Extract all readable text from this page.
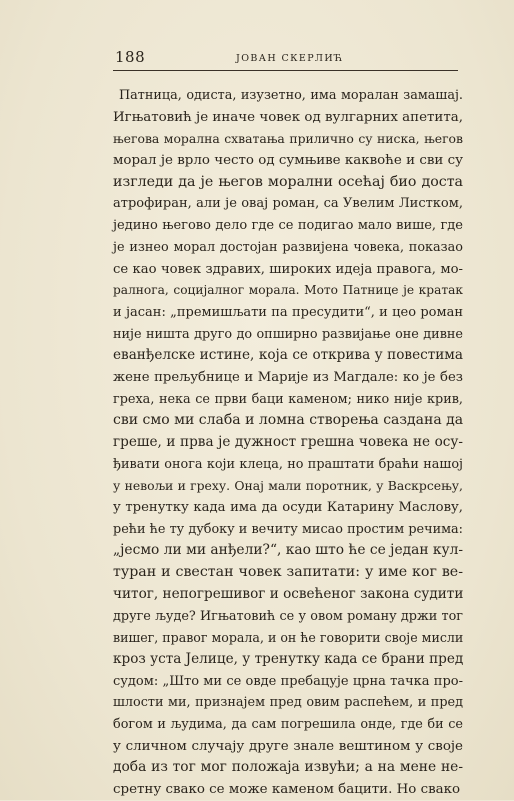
188	ЈОВАН СКЕРЛИЋ
Патница, одиста, изузетно, има моралан замашај.
Игњатовић је иначе човек од вулгарних апетита,
његова морална схватања прилично су ниска, његов
морал је врло често од сумњиве каквоће и сви су
изгледи да је његов морални осећај био доста
атрофиран, али је овај роман, са Увелим Листком,
једино његово дело где се подигао мало више, где
је изнео морал достојан развијена човека, показао
се као човек здравих, широких идеја правога, мо-
ралнога, социјалног морала. Мото Патнице је кратак
и јасан: „премишљати па пресудити“, и цео роман
није ништа друго до опширно развијање оне дивне
еванђелске истине, која се открива у повестима
жене прељубнице и Марије из Магдале: ко је без
греха, нека се први баци каменом; нико није крив,
сви смо ми слаба и ломна створења саздана да
грешe, и прва је дужност грешна човека не осу-
ђивати онога који клеца, но праштати браћи нашој
у невољи и греху. Онај мали поротник, у Васкрсењу,
у тренутку када има да осуди Катарину Маслову,
рећи ће ту дубоку и вечиту мисао простим речима:
„јесмо ли ми анђели?“, као што ће се један кул-
туран и свестан човек запитати: у име ког ве-
читог, непогрешивог и освећеног закона судити
друге људе? Игњатовић се у овом роману држи тог
вишег, правог морала, и он ће говорити своје мисли
кроз уста Јелице, у тренутку када се брани пред
судом: „Што ми се овде пребацује црна тачка про-
шлости ми, признајем пред овим распећем, и пред
богом и људима, да сам погрешила онде, где би се
у сличном случају друге знале вештином у своје
доба из тог мог положаја извући; а на мене не-
сретну свако се може каменом бацити. Но свако
